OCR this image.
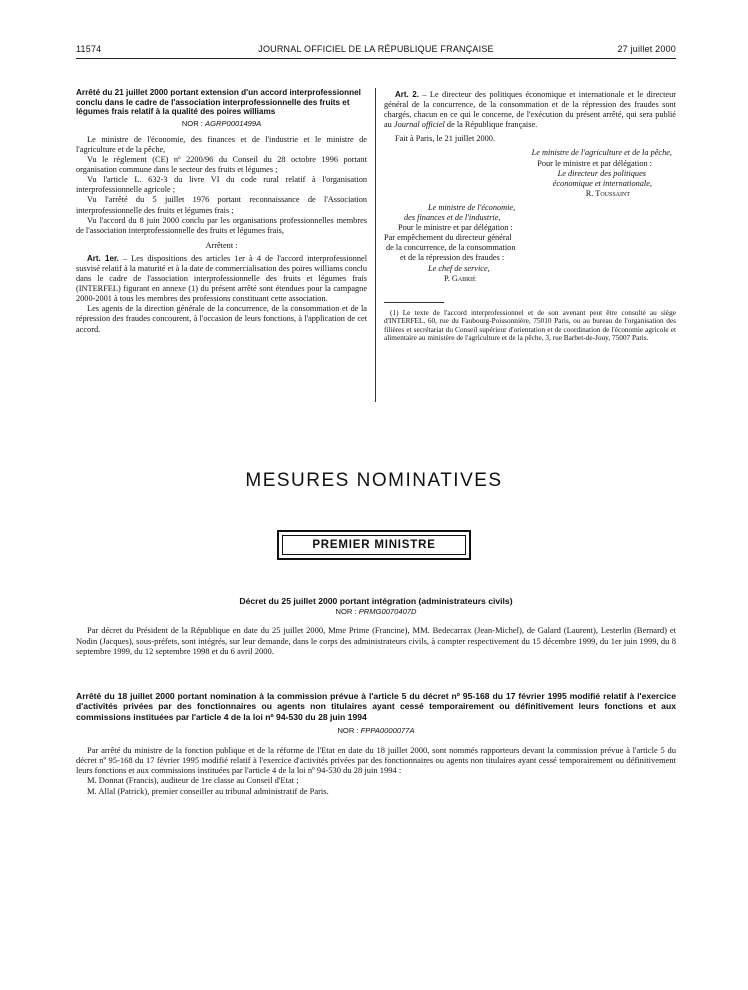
11574	JOURNAL OFFICIEL DE LA RÉPUBLIQUE FRANÇAISE	27 juillet 2000
Arrêté du 21 juillet 2000 portant extension d'un accord interprofessionnel conclu dans le cadre de l'association interprofessionnelle des fruits et légumes frais relatif à la qualité des poires williams
NOR : AGRP0001499A

Le ministre de l'économie, des finances et de l'industrie et le ministre de l'agriculture et de la pêche,

Vu le règlement (CE) nº 2200/96 du Conseil du 28 octobre 1996 portant organisation commune dans le secteur des fruits et légumes ;

Vu l'article L. 632-3 du livre VI du code rural relatif à l'organisation interprofessionnelle agricole ;

Vu l'arrêté du 5 juillet 1976 portant reconnaissance de l'Association interprofessionnelle des fruits et légumes frais ;

Vu l'accord du 8 juin 2000 conclu par les organisations professionnelles membres de l'association interprofessionnelle des fruits et légumes frais,

Arrêtent :

Art. 1er. – Les dispositions des articles 1er à 4 de l'accord interprofessionnel susvisé relatif à la maturité et à la date de commercialisation des poires williams conclu dans le cadre de l'association interprofessionnelle des fruits et légumes frais (INTERFEL) figurant en annexe (1) du présent arrêté sont étendues pour la campagne 2000-2001 à tous les membres des professions constituant cette association.

Les agents de la direction générale de la concurrence, de la consommation et de la répression des fraudes concourent, à l'occasion de leurs fonctions, à l'application de cet accord.

Art. 2. – Le directeur des politiques économique et internationale et le directeur général de la concurrence, de la consommation et de la répression des fraudes sont chargés, chacun en ce qui le concerne, de l'exécution du présent arrêté, qui sera publié au Journal officiel de la République française.

Fait à Paris, le 21 juillet 2000.

Le ministre de l'agriculture et de la pêche,
Pour le ministre et par délégation :
Le directeur des politiques
économique et internationale,
R. Toussaint
Le ministre de l'économie,
des finances et de l'industrie,
Pour le ministre et par délégation :
Par empêchement du directeur général
de la concurrence, de la consommation
et de la répression des fraudes :
Le chef de service,
P. Gabrié

(1) Le texte de l'accord interprofessionnel et de son avenant peut être consulté au siège d'INTERFEL, 60, rue du Faubourg-Poissonnière, 75010 Paris, ou au bureau de l'organisation des filières et secrétariat du Conseil supérieur d'orientation et de coordination de l'économie agricole et alimentaire au ministère de l'agriculture et de la pêche, 3, rue Barbet-de-Jouy, 75007 Paris.

MESURES NOMINATIVES
PREMIER MINISTRE
Décret du 25 juillet 2000 portant intégration (administrateurs civils)
NOR : PRMG0070407D

Par décret du Président de la République en date du 25 juillet 2000, Mme Prime (Francine), MM. Bedecarrax (Jean-Michel), de Galard (Laurent), Lesterlin (Bernard) et Nodin (Jacques), sous-préfets, sont intégrés, sur leur demande, dans le corps des administrateurs civils, à compter respectivement du 15 décembre 1999, du 1er juin 1999, du 8 septembre 1999, du 12 septembre 1998 et du 6 avril 2000.

Arrêté du 18 juillet 2000 portant nomination à la commission prévue à l'article 5 du décret nº 95-168 du 17 février 1995 modifié relatif à l'exercice d'activités privées par des fonctionnaires ou agents non titulaires ayant cessé temporairement ou définitivement leurs fonctions et aux commissions instituées par l'article 4 de la loi nº 94-530 du 28 juin 1994
NOR : FPPA0000077A

Par arrêté du ministre de la fonction publique et de la réforme de l'Etat en date du 18 juillet 2000, sont nommés rapporteurs devant la commission prévue à l'article 5 du décret nº 95-168 du 17 février 1995 modifié relatif à l'exercice d'activités privées par des fonctionnaires ou agents non titulaires ayant cessé temporairement ou définitivement leurs fonctions et aux commissions instituées par l'article 4 de la loi nº 94-530 du 28 juin 1994 :

M. Donnat (Francis), auditeur de 1re classe au Conseil d'Etat ;

M. Allal (Patrick), premier conseiller au tribunal administratif de Paris.
